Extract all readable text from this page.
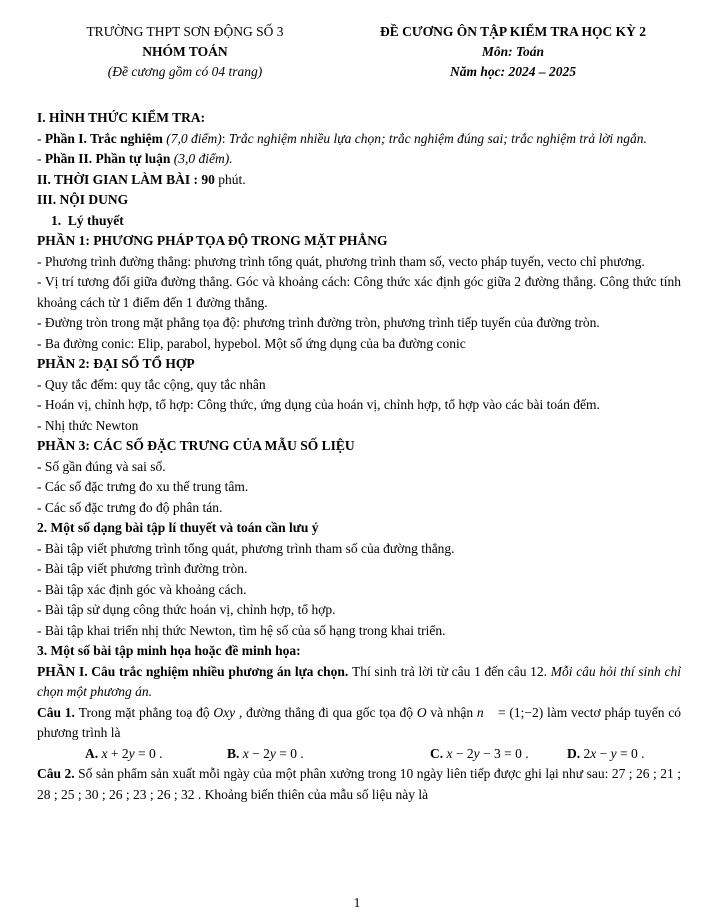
TRƯỜNG THPT SƠN ĐỘNG SỐ 3
NHÓM TOÁN
(Đề cương gồm có 04 trang)
ĐỀ CƯƠNG ÔN TẬP KIỂM TRA HỌC KỲ 2
Môn: Toán
Năm học: 2024 – 2025
I. HÌNH THỨC KIỂM TRA:
- Phần I. Trắc nghiệm (7,0 điểm): Trắc nghiệm nhiều lựa chọn; trắc nghiệm đúng sai; trắc nghiệm trả lời ngắn.
- Phần II. Phần tự luận (3,0 điểm).
II. THỜI GIAN LÀM BÀI : 90 phút.
III. NỘI DUNG
1. Lý thuyết
PHẦN 1: PHƯƠNG PHÁP TỌA ĐỘ TRONG MẶT PHẲNG
- Phương trình đường thẳng: phương trình tổng quát, phương trình tham số, vecto pháp tuyến, vecto chỉ phương.
- Vị trí tương đối giữa đường thẳng. Góc và khoảng cách: Công thức xác định góc giữa 2 đường thẳng. Công thức tính khoảng cách từ 1 điểm đến 1 đường thẳng.
- Đường tròn trong mặt phẳng tọa độ: phương trình đường tròn, phương trình tiếp tuyến của đường tròn.
- Ba đường conic: Elip, parabol, hypebol. Một số ứng dụng của ba đường conic
PHẦN 2: ĐẠI SỐ TỔ HỢP
- Quy tắc đếm: quy tắc cộng, quy tắc nhân
- Hoán vị, chỉnh hợp, tổ hợp: Công thức, ứng dụng của hoán vị, chỉnh hợp, tổ hợp vào các bài toán đếm.
- Nhị thức Newton
PHẦN 3: CÁC SỐ ĐẶC TRƯNG CỦA MẪU SỐ LIỆU
- Số gần đúng và sai số.
- Các số đặc trưng đo xu thế trung tâm.
- Các số đặc trưng đo độ phân tán.
2. Một số dạng bài tập lí thuyết và toán cần lưu ý
- Bài tập viết phương trình tổng quát, phương trình tham số của đường thẳng.
- Bài tập viết phương trình đường tròn.
- Bài tập xác định góc và khoảng cách.
- Bài tập sử dụng công thức hoán vị, chỉnh hợp, tổ hợp.
- Bài tập khai triển nhị thức Newton, tìm hệ số của số hạng trong khai triển.
3. Một số bài tập minh họa hoặc đề minh họa:
PHẦN I. Câu trắc nghiệm nhiều phương án lựa chọn. Thí sinh trả lời từ câu 1 đến câu 12. Mỗi câu hỏi thí sinh chỉ chọn một phương án.
Câu 1. Trong mặt phẳng toạ độ Oxy , đường thẳng đi qua gốc tọa độ O và nhận n⃗ = (1;−2) làm vectơ pháp tuyến có phương trình là
A. x + 2y = 0 .	B. x − 2y = 0 .	C. x − 2y − 3 = 0 .	D. 2x − y = 0 .
Câu 2. Số sản phẩm sản xuất mỗi ngày của một phân xưởng trong 10 ngày liên tiếp được ghi lại như sau: 27 ; 26 ; 21 ; 28 ; 25 ; 30 ; 26 ; 23 ; 26 ; 32 . Khoảng biến thiên của mẫu số liệu này là
1
